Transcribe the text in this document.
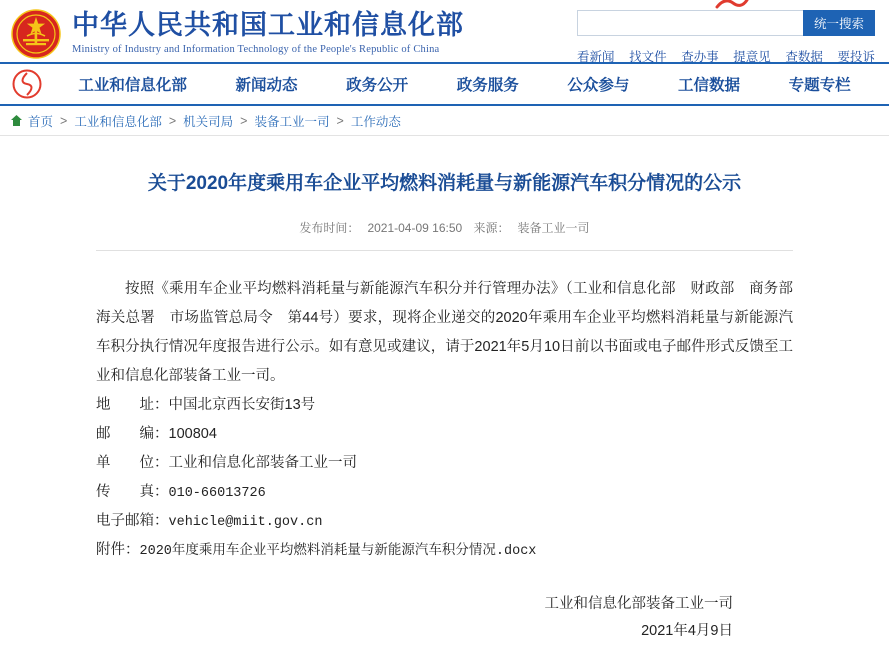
中华人民共和国工业和信息化部
Ministry of Industry and Information Technology of the People's Republic of China
统一搜索
看新闻 找文件 查办事 提意见 查数据 要投诉
工业和信息化部	新闻动态	政务公开	政务服务	公众参与	工信数据	专题专栏
首页 > 工业和信息化部 > 机关司局 > 装备工业一司 > 工作动态
关于2020年度乘用车企业平均燃料消耗量与新能源汽车积分情况的公示
发布时间： 2021-04-09 16:50 来源： 装备工业一司
按照《乘用车企业平均燃料消耗量与新能源汽车积分并行管理办法》（工业和信息化部　财政部　商务部　海关总署　市场监管总局令　第44号）要求，现将企业递交的2020年乘用车企业平均燃料消耗量与新能源汽车积分执行情况年度报告进行公示。如有意见或建议，请于2021年5月10日前以书面或电子邮件形式反馈至工业和信息化部装备工业一司。
地　　址：中国北京西长安街13号
邮　　编：100804
单　　位：工业和信息化部装备工业一司
传　　真：010-66013726
电子邮箱：vehicle@miit.gov.cn
附件：2020年度乘用车企业平均燃料消耗量与新能源汽车积分情况.docx
工业和信息化部装备工业一司
2021年4月9日
